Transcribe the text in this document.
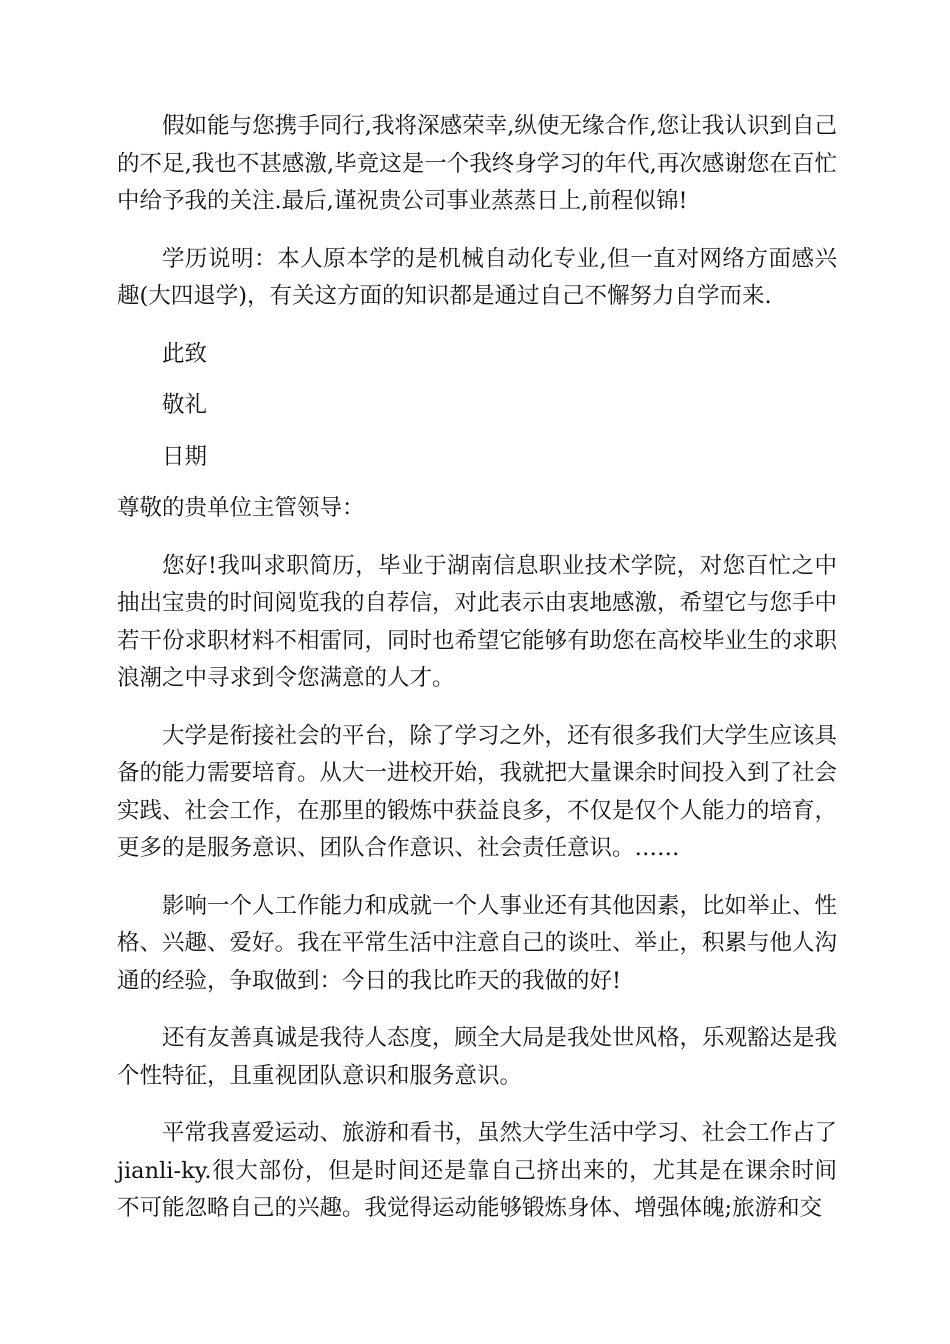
假如能与您携手同行,我将深感荣幸,纵使无缘合作,您让我认识到自己的不足,我也不甚感激,毕竟这是一个我终身学习的年代,再次感谢您在百忙中给予我的关注.最后,谨祝贵公司事业蒸蒸日上,前程似锦!

学历说明：本人原本学的是机械自动化专业,但一直对网络方面感兴趣(大四退学)，有关这方面的知识都是通过自己不懈努力自学而来.

此致

敬礼

日期

尊敬的贵单位主管领导：

您好!我叫求职简历，毕业于湖南信息职业技术学院，对您百忙之中抽出宝贵的时间阅览我的自荐信，对此表示由衷地感激，希望它与您手中若干份求职材料不相雷同，同时也希望它能够有助您在高校毕业生的求职浪潮之中寻求到令您满意的人才。

大学是衔接社会的平台，除了学习之外，还有很多我们大学生应该具备的能力需要培育。从大一进校开始，我就把大量课余时间投入到了社会实践、社会工作，在那里的锻炼中获益良多，不仅是仅个人能力的培育，更多的是服务意识、团队合作意识、社会责任意识。……

影响一个人工作能力和成就一个人事业还有其他因素，比如举止、性格、兴趣、爱好。我在平常生活中注意自己的谈吐、举止，积累与他人沟通的经验，争取做到：今日的我比昨天的我做的好!

还有友善真诚是我待人态度，顾全大局是我处世风格，乐观豁达是我个性特征，且重视团队意识和服务意识。

平常我喜爱运动、旅游和看书，虽然大学生活中学习、社会工作占了jianli-ky.很大部份，但是时间还是靠自己挤出来的，尤其是在课余时间不可能忽略自己的兴趣。我觉得运动能够锻炼身体、增强体魄;旅游和交
